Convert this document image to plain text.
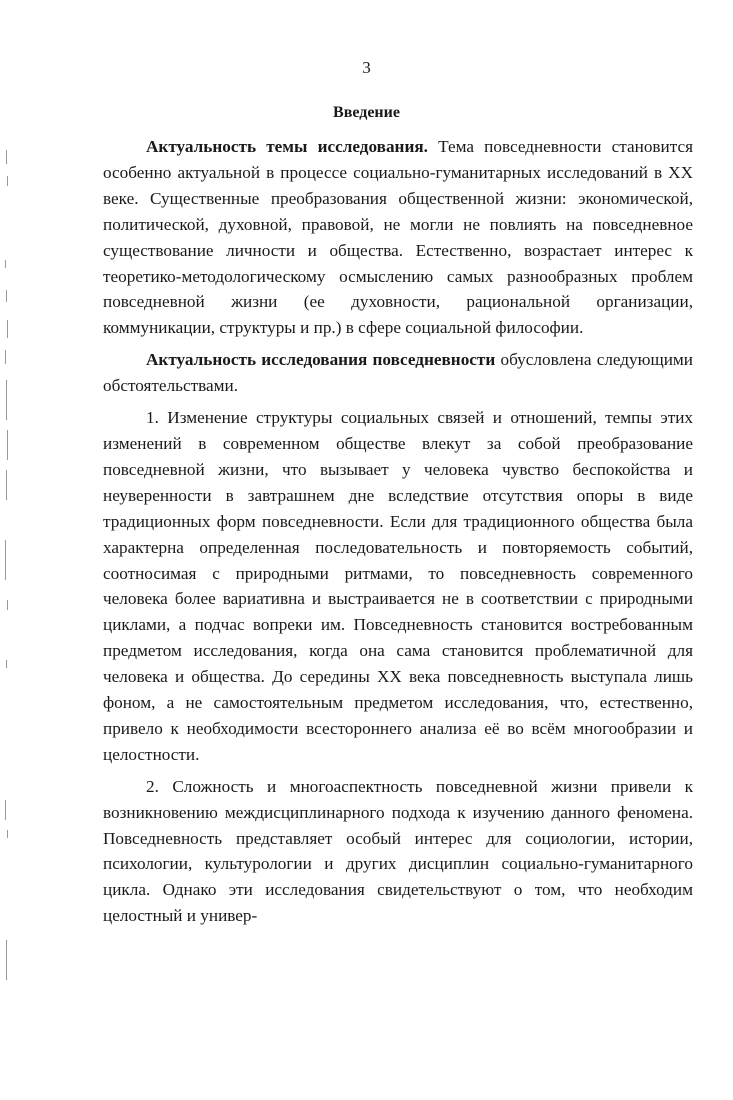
3
Введение

Актуальность темы исследования. Тема повседневности становится особенно актуальной в процессе социально-гуманитарных исследований в XX веке. Существенные преобразования общественной жизни: экономической, политической, духовной, правовой, не могли не повлиять на повседневное существование личности и общества. Естественно, возрастает интерес к теоретико-методологическому осмыслению самых разнообразных проблем повседневной жизни (ее духовности, рациональной организации, коммуникации, структуры и пр.) в сфере социальной философии.

Актуальность исследования повседневности обусловлена следующими обстоятельствами.

1. Изменение структуры социальных связей и отношений, темпы этих изменений в современном обществе влекут за собой преобразование повседневной жизни, что вызывает у человека чувство беспокойства и неуверенности в завтрашнем дне вследствие отсутствия опоры в виде традиционных форм повседневности. Если для традиционного общества была характерна определенная последовательность и повторяемость событий, соотносимая с природными ритмами, то повседневность современного человека более вариативна и выстраивается не в соответствии с природными циклами, а подчас вопреки им. Повседневность становится востребованным предметом исследования, когда она сама становится проблематичной для человека и общества. До середины XX века повседневность выступала лишь фоном, а не самостоятельным предметом исследования, что, естественно, привело к необходимости всестороннего анализа её во всём многообразии и целостности.

2. Сложность и многоаспектность повседневной жизни привели к возникновению междисциплинарного подхода к изучению данного феномена. Повседневность представляет особый интерес для социологии, истории, психологии, культурологии и других дисциплин социально-гуманитарного цикла. Однако эти исследования свидетельствуют о том, что необходим целостный и универ-
